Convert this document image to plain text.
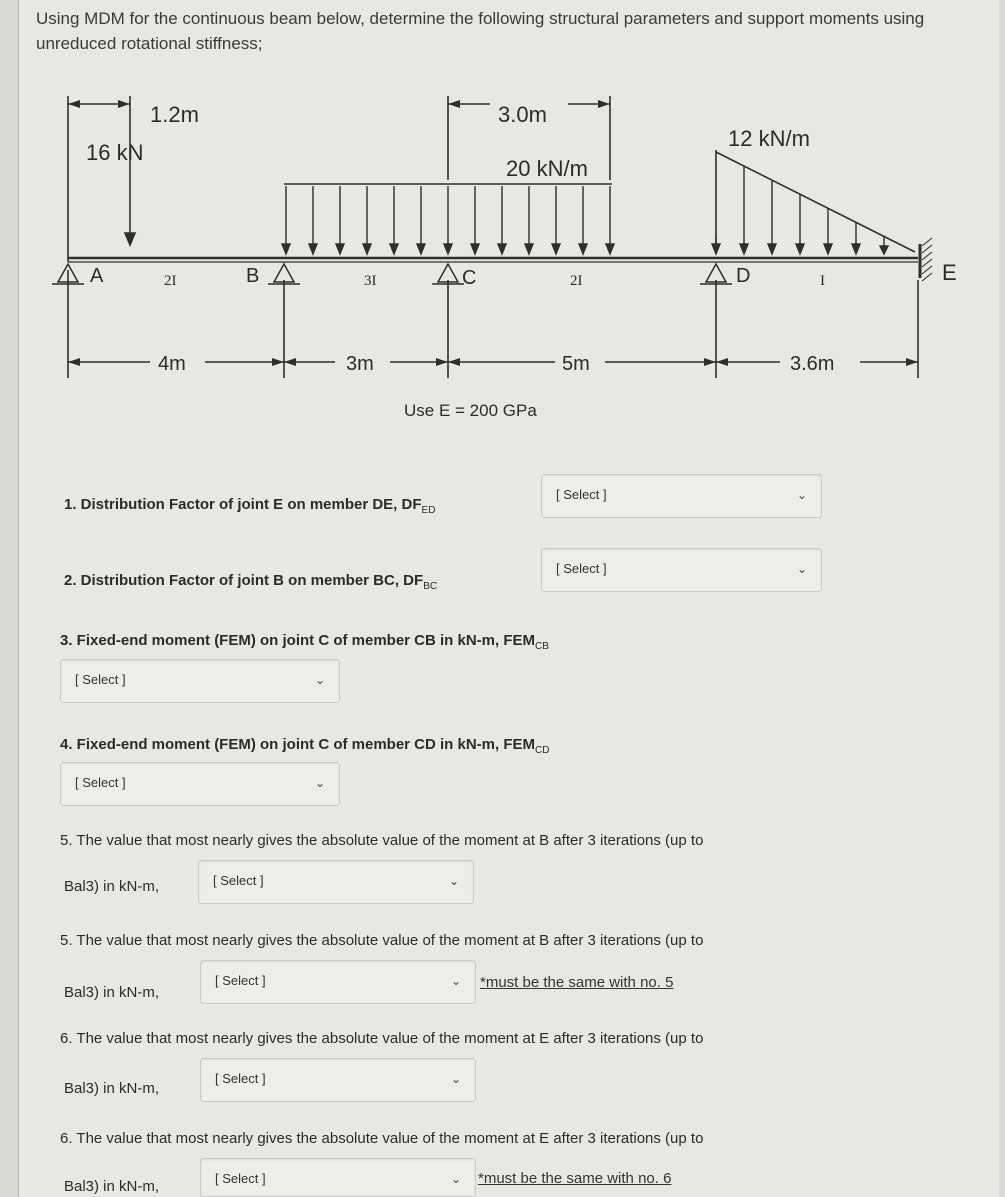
Using MDM for the continuous beam below, determine the following structural parameters and support moments using unreduced rotational stiffness;
1.2m
16 kN
3.0m
20 kN/m
12 kN/m
A	B	C	D	E
2I	3I	2I	I
4m	3m	5m	3.6m
Use E = 200 GPa
1. Distribution Factor of joint E on member DE, $DF_{ED}$
[ Select ]	⌄
2. Distribution Factor of joint B on member BC, $DF_{BC}$
[ Select ]	⌄
3. Fixed-end moment (FEM) on joint C of member CB in kN-m, $FEM_{CB}$
[ Select ]	⌄
4. Fixed-end moment (FEM) on joint C of member CD in kN-m, $FEM_{CD}$
[ Select ]	⌄
5. The value that most nearly gives the absolute value of the moment at B after 3 iterations (up to
Bal3) in kN-m,	[ Select ]	⌄
5. The value that most nearly gives the absolute value of the moment at B after 3 iterations (up to
Bal3) in kN-m,
[ Select ]	⌄ *must be the same with no. 5
6. The value that most nearly gives the absolute value of the moment at E after 3 iterations (up to
Bal3) in kN-m,
[ Select ]	⌄
6. The value that most nearly gives the absolute value of the moment at E after 3 iterations (up to
Bal3) in kN-m,	[ Select ]	⌄ *must be the same with no. 6
